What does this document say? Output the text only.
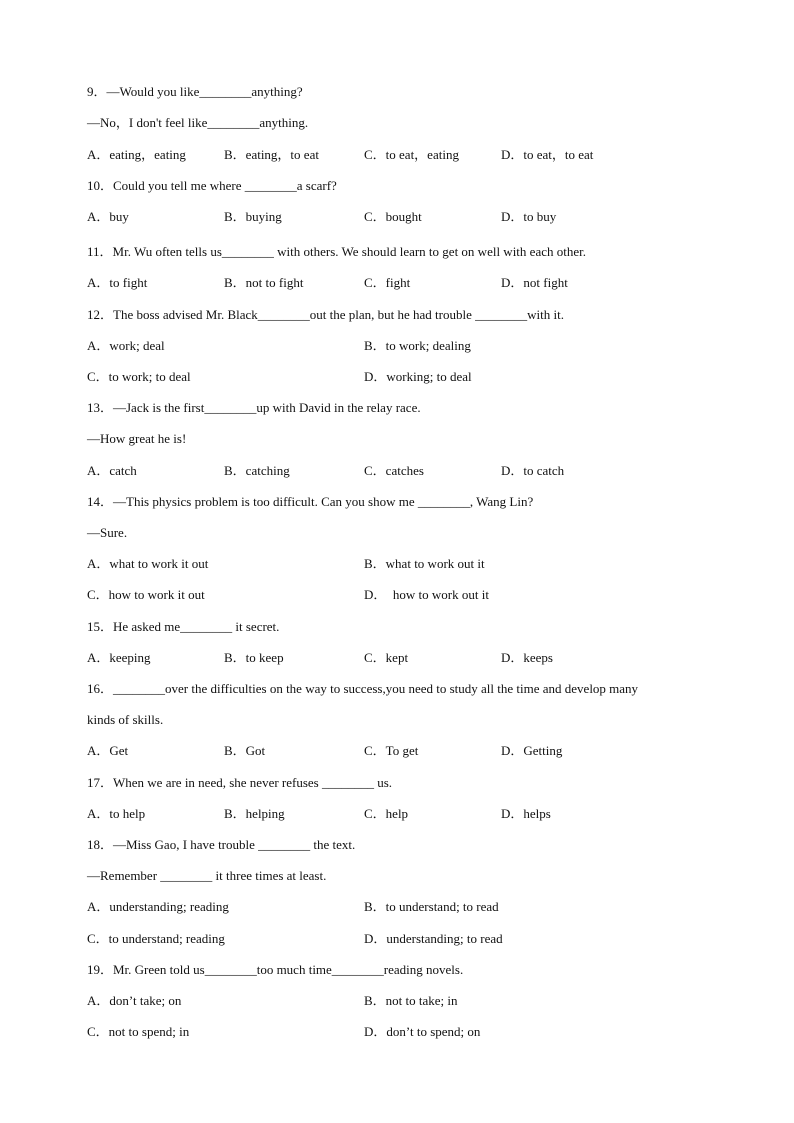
9．—Would you like________anything?
—No，I don't feel like________anything.
A．eating，eating	B．eating，to eat	C．to eat，eating	D．to eat，to eat
10．Could you tell me where ________a scarf?
A．buy	B．buying	C．bought	D．to buy
11．Mr. Wu often tells us________ with others. We should learn to get on well with each other.
A．to fight	B．not to fight	C．fight	D．not fight
12．The boss advised Mr. Black________out the plan, but he had trouble ________with it.
A．work; deal	B．to work; dealing
C．to work; to deal	D．working; to deal
13．—Jack is the first________up with David in the relay race.
—How great he is!
A．catch	B．catching	C．catches	D．to catch
14．—This physics problem is too difficult. Can you show me ________, Wang Lin?
—Sure.
A．what to work it out	B．what to work out it
C．how to work it out	D．  how to work out it
15．He asked me________ it secret.
A．keeping	B．to keep	C．kept	D．keeps
16．________over the difficulties on the way to success,you need to study all the time and develop many
kinds of skills.
A．Get	B．Got	C．To get	D．Getting
17．When we are in need, she never refuses ________ us.
A．to help	B．helping	C．help	D．helps
18．—Miss Gao, I have trouble ________ the text.
—Remember ________ it three times at least.
A．understanding; reading	B．to understand; to read
C．to understand; reading	D．understanding; to read
19．Mr. Green told us________too much time________reading novels.
A．don’t take; on	B．not to take; in
C．not to spend; in	D．don’t to spend; on
